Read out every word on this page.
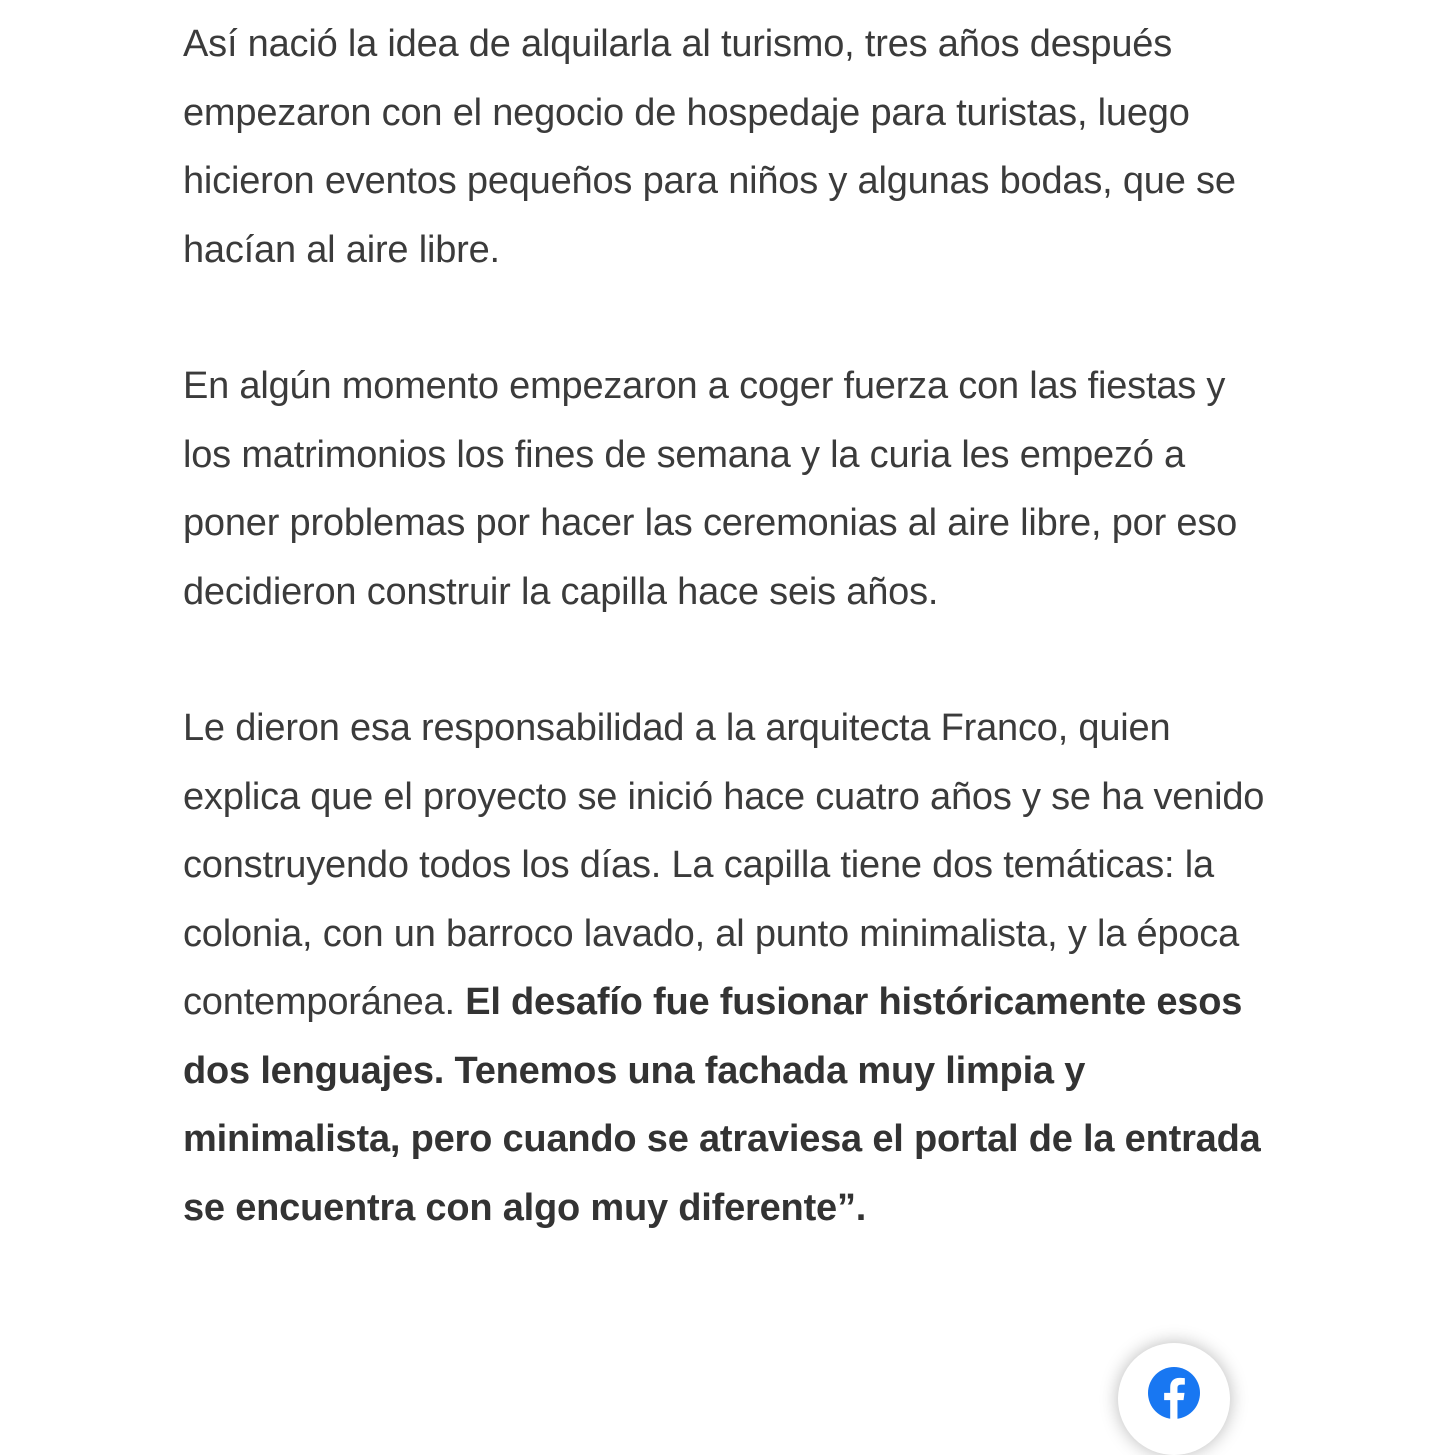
Así nació la idea de alquilarla al turismo, tres años después empezaron con el negocio de hospedaje para turistas, luego hicieron eventos pequeños para niños y algunas bodas, que se hacían al aire libre.

En algún momento empezaron a coger fuerza con las fiestas y los matrimonios los fines de semana y la curia les empezó a poner problemas por hacer las ceremonias al aire libre, por eso decidieron construir la capilla hace seis años.

Le dieron esa responsabilidad a la arquitecta Franco, quien explica que el proyecto se inició hace cuatro años y se ha venido construyendo todos los días. La capilla tiene dos temáticas: la colonia, con un barroco lavado, al punto minimalista, y la época contemporánea. El desafío fue fusionar históricamente esos dos lenguajes. Tenemos una fachada muy limpia y minimalista, pero cuando se atraviesa el portal de la entrada se encuentra con algo muy diferente”.
